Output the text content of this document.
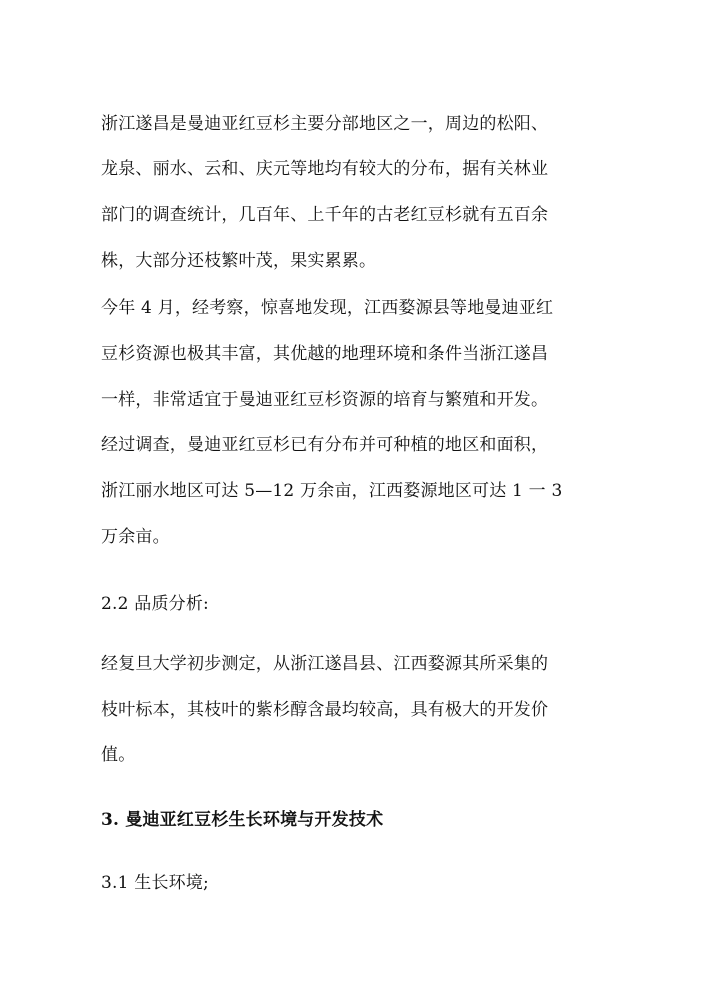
浙江遂昌是曼迪亚红豆杉主要分部地区之一，周边的松阳、
龙泉、丽水、云和、庆元等地均有较大的分布，据有关林业
部门的调查统计，几百年、上千年的古老红豆杉就有五百余
株，大部分还枝繁叶茂，果实累累。
今年 4 月，经考察，惊喜地发现，江西婺源县等地曼迪亚红
豆杉资源也极其丰富，其优越的地理环境和条件当浙江遂昌
一样，非常适宜于曼迪亚红豆杉资源的培育与繁殖和开发。
经过调查，曼迪亚红豆杉已有分布并可种植的地区和面积，
浙江丽水地区可达 5—12 万余亩，江西婺源地区可达 1 一 3
万余亩。
2.2 品质分析:
经复旦大学初步测定，从浙江遂昌县、江西婺源其所采集的
枝叶标本，其枝叶的紫杉醇含最均较高，具有极大的开发价
值。
3. 曼迪亚红豆杉生长环境与开发技术
3.1 生长环境;
